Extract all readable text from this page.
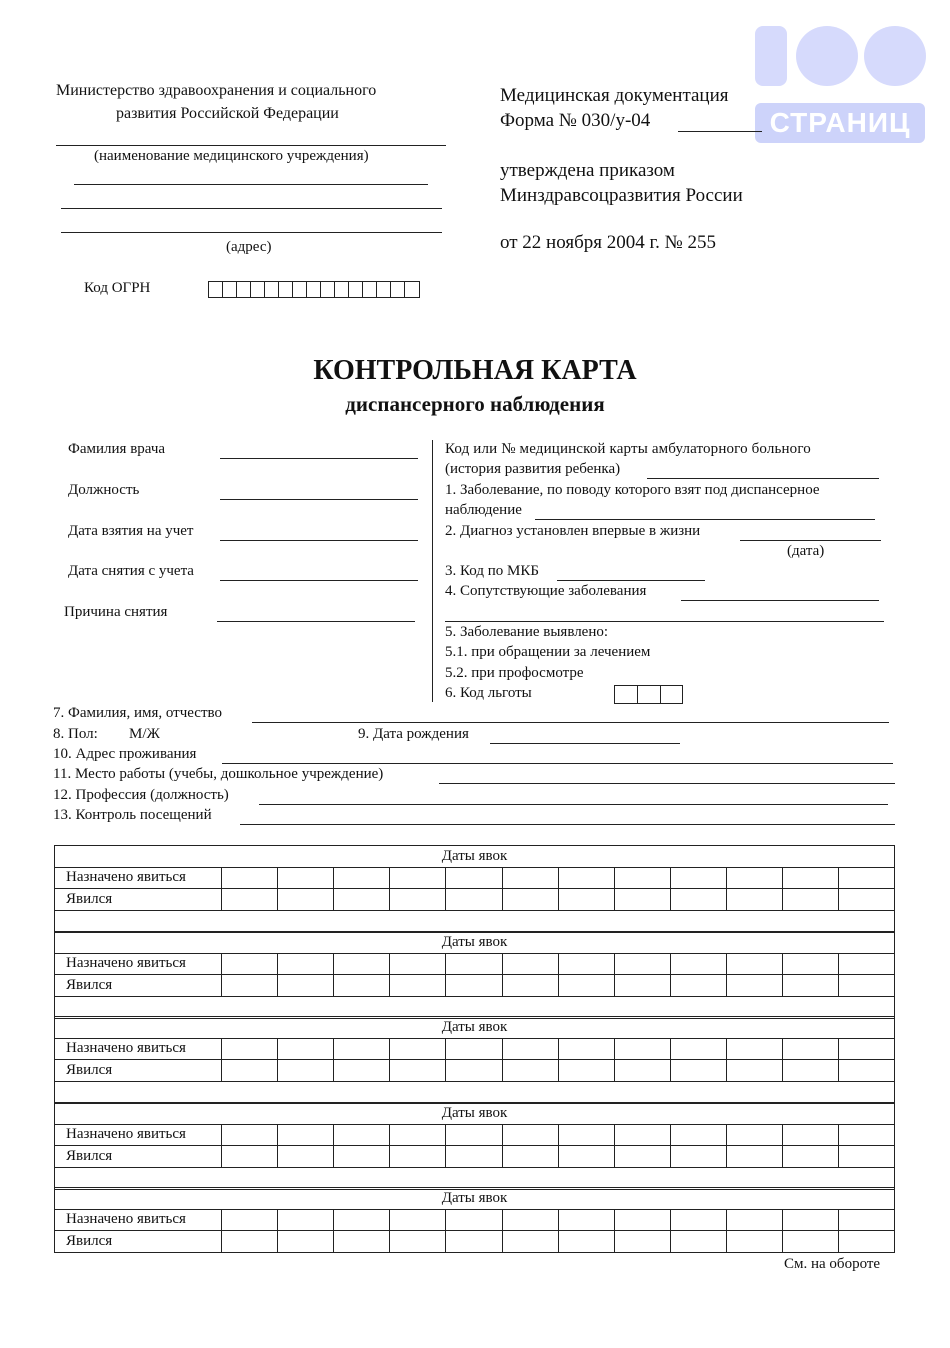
СТРАНИЦ
Министерство здравоохранения и социального
развития Российской Федерации
(наименование медицинского учреждения)
(адрес)
Код ОГРН
Медицинская документация
Форма № 030/у-04
утверждена приказом
Минздравсоцразвития России
от 22 ноября 2004 г. № 255
КОНТРОЛЬНАЯ КАРТА
диспансерного наблюдения
Фамилия врача
Должность
Дата взятия на учет
Дата снятия с учета
Причина снятия
Код или № медицинской карты амбулаторного больного
(история развития ребенка)
1. Заболевание, по поводу которого взят под диспансерное
наблюдение
2. Диагноз установлен впервые в жизни
(дата)
3. Код по МКБ
4. Сопутствующие заболевания
5. Заболевание выявлено:
5.1. при обращении за лечением
5.2. при профосмотре
6. Код льготы
7. Фамилия, имя, отчество
8. Пол: М/Ж	9. Дата рождения
10. Адрес проживания
11. Место работы (учебы, дошкольное учреждение)
12. Профессия (должность)
13. Контроль посещений
Даты явок												
Назначено явиться												
Явился												

Даты явок												
Назначено явиться												
Явился												

Даты явок												
Назначено явиться												
Явился												

Даты явок												
Назначено явиться												
Явился												

Даты явок												
Назначено явиться												
Явился												
См. на обороте
